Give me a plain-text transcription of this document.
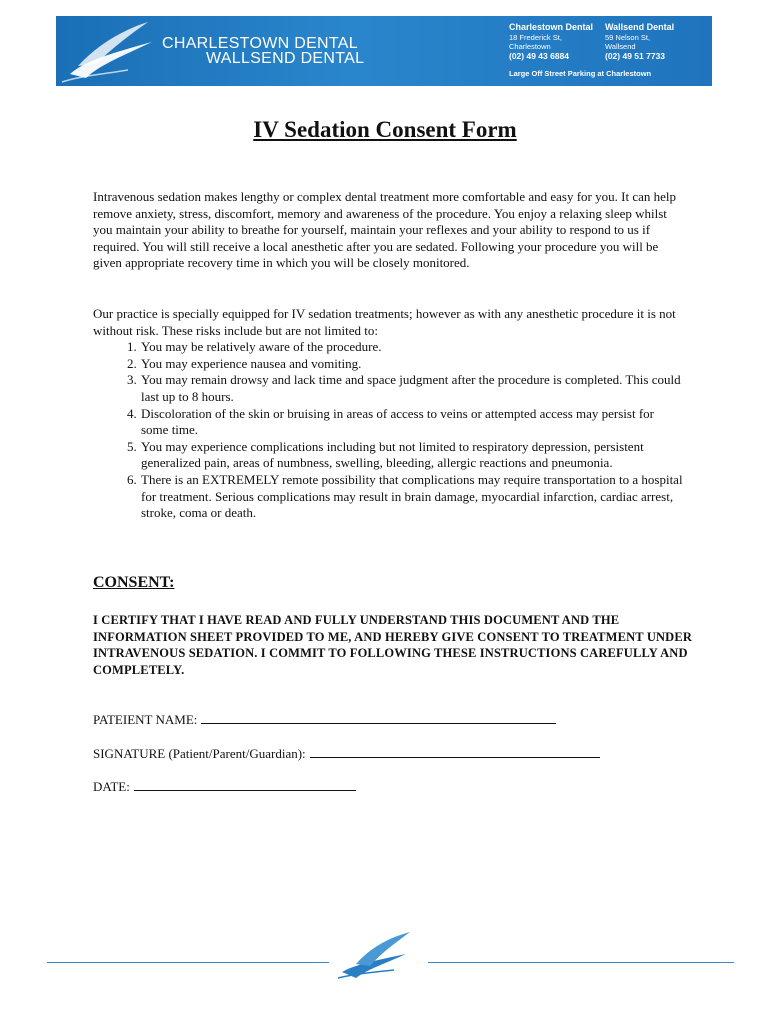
CHARLESTOWN DENTAL
WALLSEND DENTAL
Charlestown Dental
18 Frederick St,
Charlestown
(02) 49 43 6884
Wallsend Dental
59 Nelson St,
Wallsend
(02) 49 51 7733
Large Off Street Parking at Charlestown
IV Sedation Consent Form
Intravenous sedation makes lengthy or complex dental treatment more comfortable and easy for you. It can help remove anxiety, stress, discomfort, memory and awareness of the procedure. You enjoy a relaxing sleep whilst you maintain your ability to breathe for yourself, maintain your reflexes and your ability to respond to us if required. You will still receive a local anesthetic after you are sedated. Following your procedure you will be given appropriate recovery time in which you will be closely monitored.
Our practice is specially equipped for IV sedation treatments; however as with any anesthetic procedure it is not without risk. These risks include but are not limited to:
1. You may be relatively aware of the procedure.
2. You may experience nausea and vomiting.
3. You may remain drowsy and lack time and space judgment after the procedure is completed. This could last up to 8 hours.
4. Discoloration of the skin or bruising in areas of access to veins or attempted access may persist for some time.
5. You may experience complications including but not limited to respiratory depression, persistent generalized pain, areas of numbness, swelling, bleeding, allergic reactions and pneumonia.
6. There is an EXTREMELY remote possibility that complications may require transportation to a hospital for treatment. Serious complications may result in brain damage, myocardial infarction, cardiac arrest, stroke, coma or death.
CONSENT:
I CERTIFY THAT I HAVE READ AND FULLY UNDERSTAND THIS DOCUMENT AND THE INFORMATION SHEET PROVIDED TO ME, AND HEREBY GIVE CONSENT TO TREATMENT UNDER INTRAVENOUS SEDATION. I COMMIT TO FOLLOWING THESE INSTRUCTIONS CAREFULLY AND COMPLETELY.
PATEIENT NAME:
SIGNATURE (Patient/Parent/Guardian):
DATE:
